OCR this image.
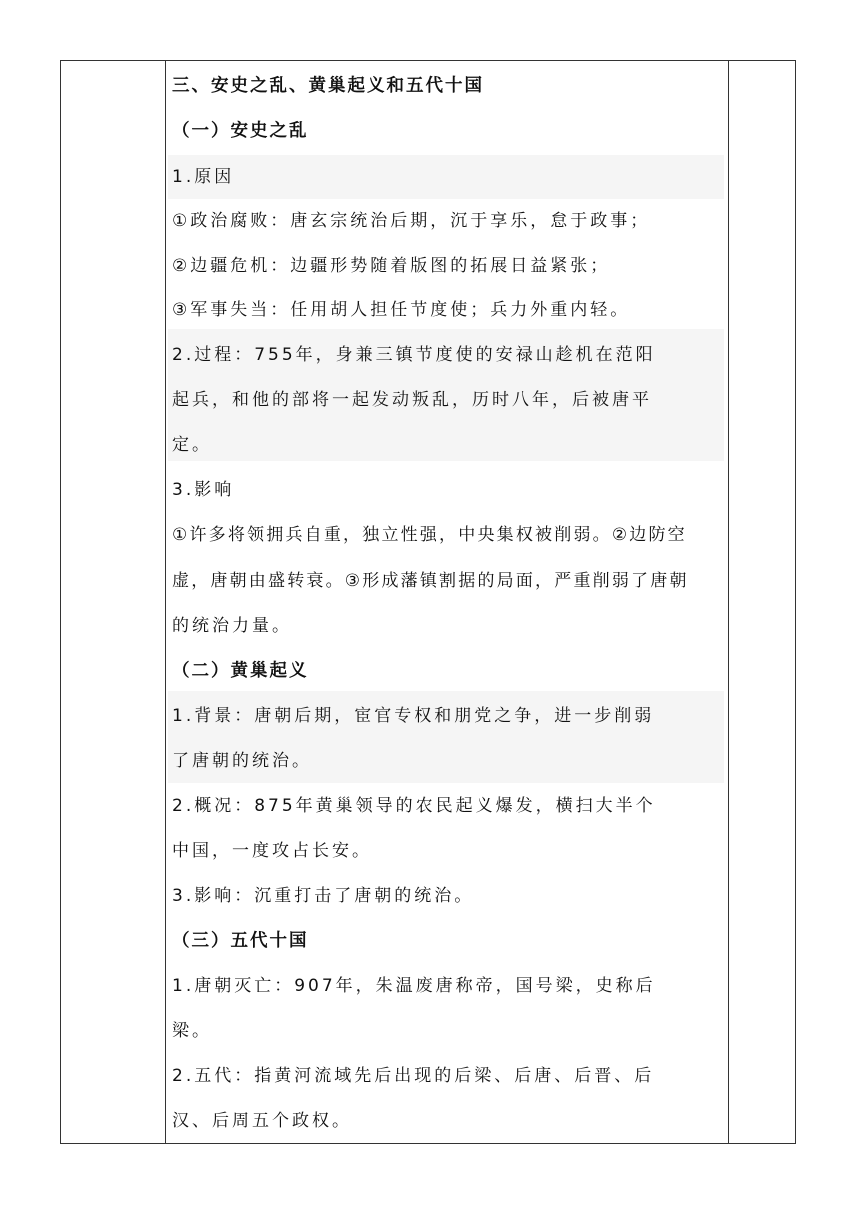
三、安史之乱、黄巢起义和五代十国
（一）安史之乱
1.原因
①政治腐败：唐玄宗统治后期，沉于享乐，怠于政事；
②边疆危机：边疆形势随着版图的拓展日益紧张；
③军事失当：任用胡人担任节度使；兵力外重内轻。
2.过程：755年，身兼三镇节度使的安禄山趁机在范阳
起兵，和他的部将一起发动叛乱，历时八年，后被唐平
定。
3.影响
①许多将领拥兵自重，独立性强，中央集权被削弱。②边防空
虚，唐朝由盛转衰。③形成藩镇割据的局面，严重削弱了唐朝
的统治力量。
（二）黄巢起义
1.背景：唐朝后期，宦官专权和朋党之争，进一步削弱
了唐朝的统治。
2.概况：875年黄巢领导的农民起义爆发，横扫大半个
中国，一度攻占长安。
3.影响：沉重打击了唐朝的统治。
（三）五代十国
1.唐朝灭亡：907年，朱温废唐称帝，国号梁，史称后
梁。
2.五代：指黄河流域先后出现的后梁、后唐、后晋、后
汉、后周五个政权。
